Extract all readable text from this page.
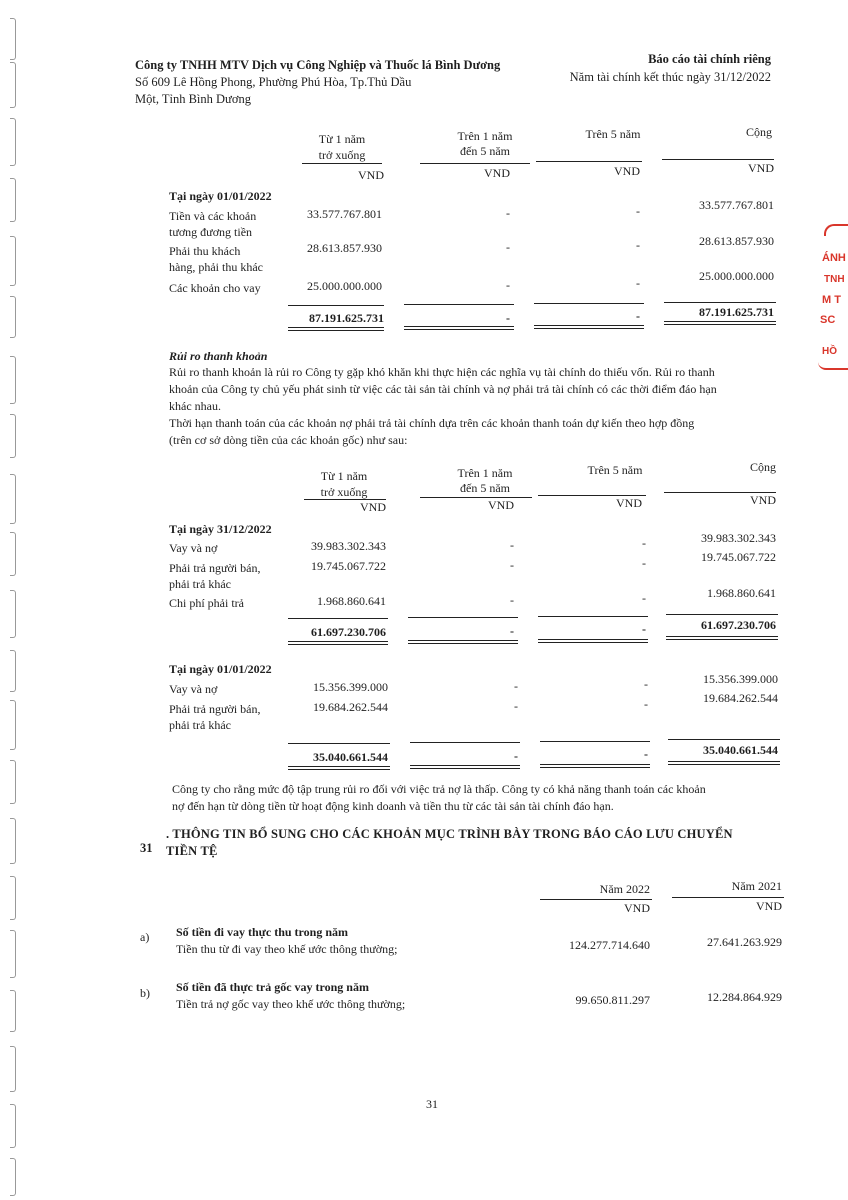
ÁNH
TNH
M T
SC
HỒ
Công ty TNHH MTV Dịch vụ Công Nghiệp và Thuốc lá Bình Dương
Số 609 Lê Hồng Phong, Phường Phú Hòa, Tp.Thủ Dầu
Một, Tỉnh Bình Dương
Báo cáo tài chính riêng
Năm tài chính kết thúc ngày 31/12/2022
Từ 1 năm
trở xuống
Trên 1 năm
đến 5 năm
Trên 5 năm	Cộng
VND	VND	VND	VND
Tại ngày 01/01/2022
Tiền và các khoản
tương đương tiền
33.577.767.801	-	-	33.577.767.801
Phải thu khách
hàng, phải thu khác
28.613.857.930	-	-	28.613.857.930
Các khoản cho vay	25.000.000.000	-	-	25.000.000.000
87.191.625.731	-	-	87.191.625.731
Rủi ro thanh khoản
Rủi ro thanh khoản là rủi ro Công ty gặp khó khăn khi thực hiện các nghĩa vụ tài chính do thiếu vốn. Rủi ro thanh
khoản của Công ty chủ yếu phát sinh từ việc các tài sản tài chính và nợ phải trả tài chính có các thời điểm đáo hạn
khác nhau.
Thời hạn thanh toán của các khoản nợ phải trả tài chính dựa trên các khoản thanh toán dự kiến theo hợp đồng
(trên cơ sở dòng tiền của các khoản gốc) như sau:
Từ 1 năm
trở xuống
Trên 1 năm
đến 5 năm
Trên 5 năm	Cộng
VND	VND	VND	VND
Tại ngày 31/12/2022
Vay và nợ	39.983.302.343	-	-	39.983.302.343
Phải trả người bán,
phải trả khác
19.745.067.722	-	-	19.745.067.722
Chi phí phải trả	1.968.860.641	-	-	1.968.860.641
61.697.230.706	-	-	61.697.230.706
Tại ngày 01/01/2022
Vay và nợ	15.356.399.000	-	-	15.356.399.000
Phải trả người bán,
phải trả khác
19.684.262.544	-	-	19.684.262.544
35.040.661.544	-	-	35.040.661.544
Công ty cho rằng mức độ tập trung rủi ro đối với việc trả nợ là thấp. Công ty có khả năng thanh toán các khoản
nợ đến hạn từ dòng tiền từ hoạt động kinh doanh và tiền thu từ các tài sản tài chính đáo hạn.
31
. THÔNG TIN BỔ SUNG CHO CÁC KHOẢN MỤC TRÌNH BÀY TRONG BÁO CÁO LƯU CHUYỂN
TIỀN TỆ
Năm 2022	Năm 2021
VND	VND
a) Số tiền đi vay thực thu trong năm
Tiền thu từ đi vay theo khế ước thông thường;	124.277.714.640	27.641.263.929
b) Số tiền đã thực trả gốc vay trong năm
Tiền trả nợ gốc vay theo khế ước thông thường;	99.650.811.297	12.284.864.929
31
